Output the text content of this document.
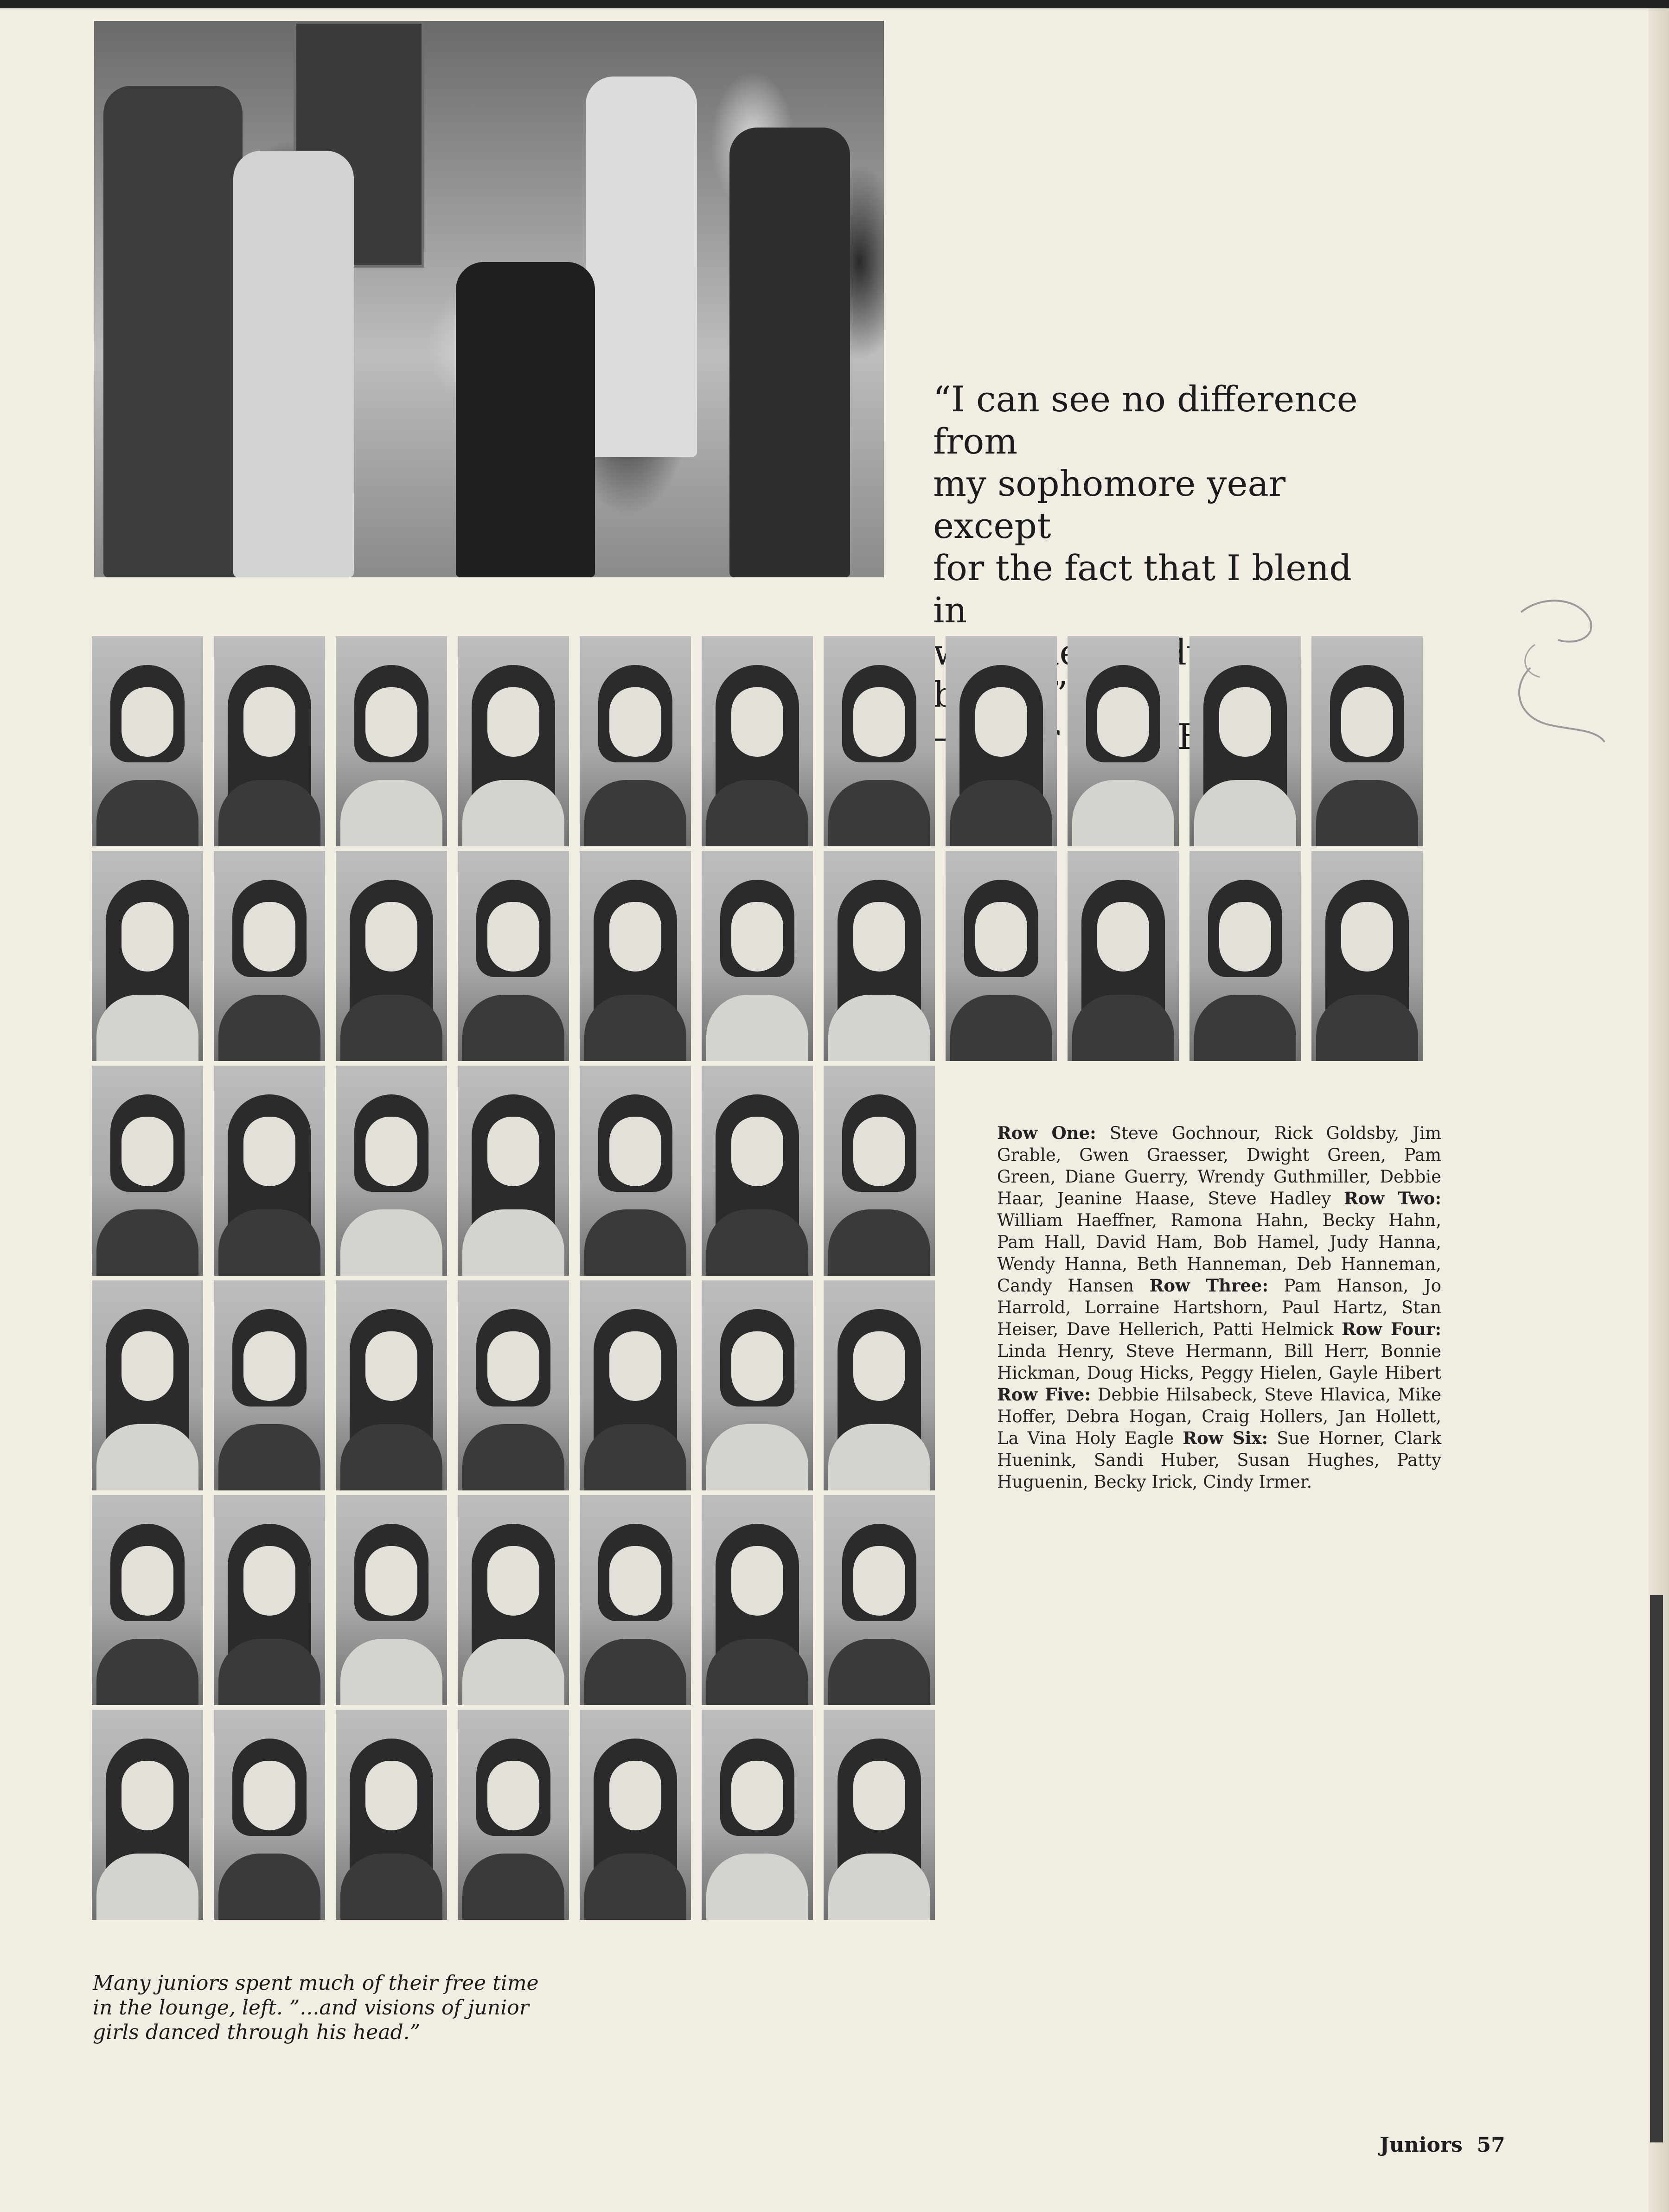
“I can see no difference from

my sophomore year except

for the fact that I blend in

woodwork

Row One: Steve Gochnour, Rick Goldsby, Jim Grable, Gwen Graesser, Dwight Green, Pam Green, Diane Guerry, Wrendy Guthmiller, Debbie Haar, Jeanine Haase, Steve Hadley Row Two: William Haeffner, Ramona Hahn, Becky Hahn, Pam Hall, David Ham, Bob Hamel, Judy Hanna, Wendy Hanna, Beth Hanneman, Deb Hanneman, Candy Hansen Row Three: Pam Hanson, Jo Harrold, Lorraine Hartshorn, Paul Hartz, Stan Heiser, Dave Hellerich, Patti Helmick Row Four: Linda Henry, Steve Hermann, Bill Herr, Bonnie Hickman, Doug Hicks, Peggy Hielen, Gayle Hibert Row Five: Debbie Hilsabeck, Steve Hlavica, Mike Hoffer, Debra Hogan, Craig Hollers, Jan Hollett, La Vina Holy Eagle Row Six: Sue Horner, Clark Huenink, Sandi Huber, Susan Hughes, Patty Huguenin, Becky Irick, Cindy Irmer.

Many juniors spent much of their free time

in the lounge, left. ”...and visions of junior

girls danced through his head.”

Juniors 57
